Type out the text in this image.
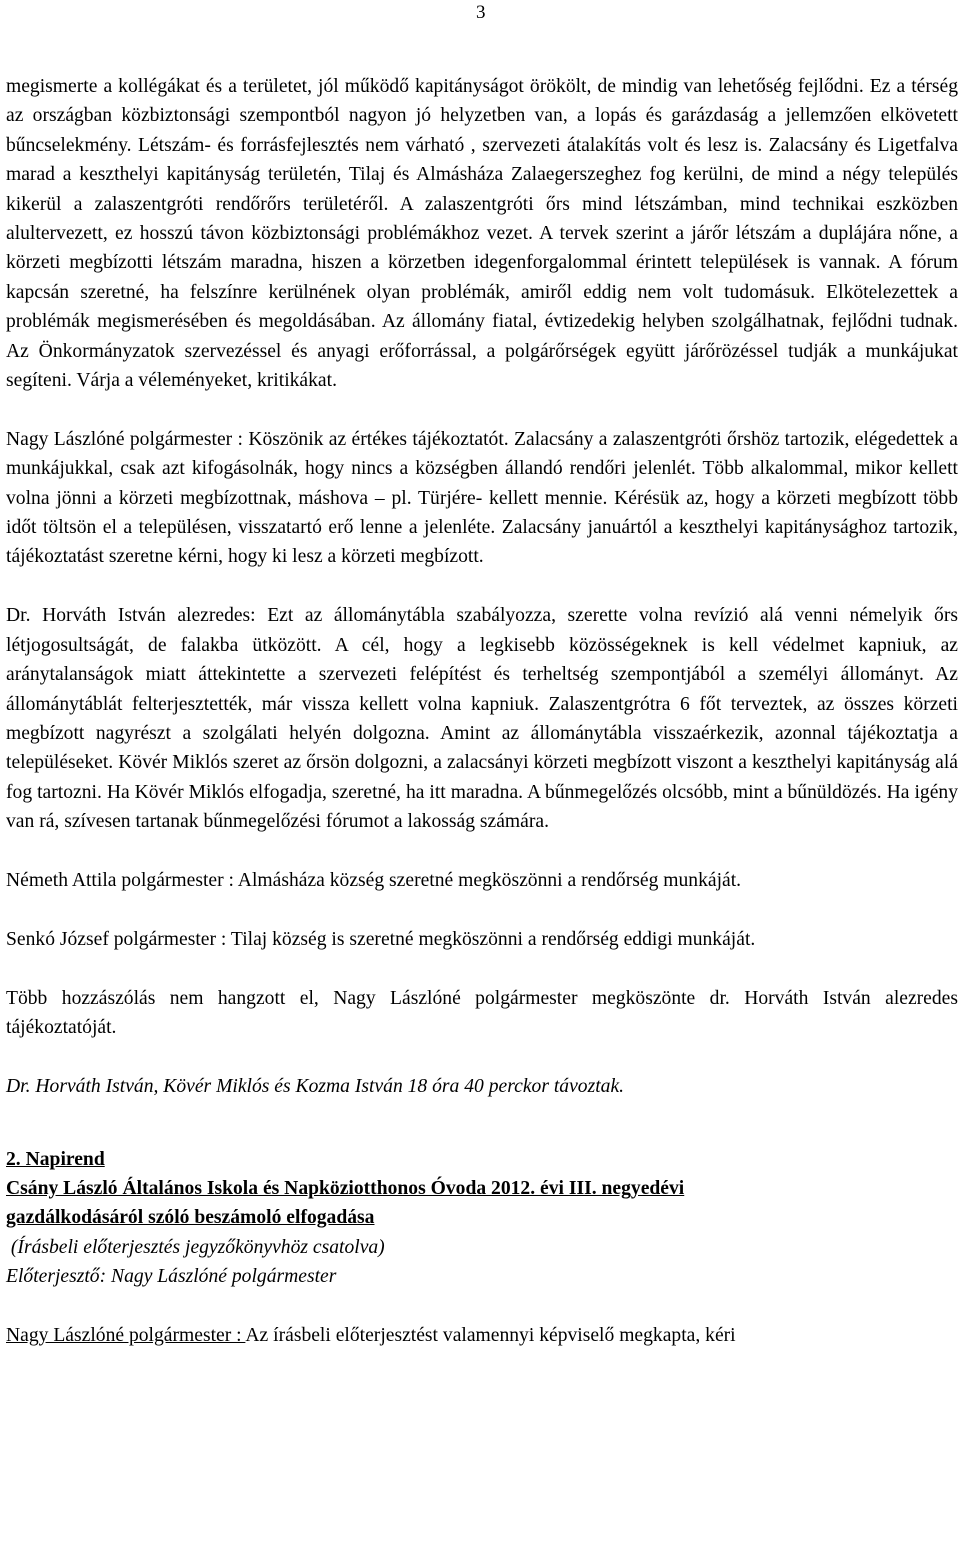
3

megismerte a kollégákat és a területet, jól működő kapitányságot örökölt, de mindig van lehetőség fejlődni. Ez a térség az országban közbiztonsági szempontból nagyon jó helyzetben van, a lopás és garázdaság a jellemzően elkövetett bűncselekmény. Létszám- és forrásfejlesztés nem várható , szervezeti átalakítás volt és lesz is. Zalacsány és Ligetfalva marad a keszthelyi kapitányság területén, Tilaj és Almásháza Zalaegerszeghez fog kerülni, de mind a négy település kikerül a zalaszentgróti rendőrőrs területéről. A zalaszentgróti őrs mind létszámban, mind technikai eszközben alultervezett, ez hosszú távon közbiztonsági problémákhoz vezet. A tervek szerint a járőr létszám a duplájára nőne, a körzeti megbízotti létszám maradna, hiszen a körzetben idegenforgalommal érintett települések is vannak. A fórum kapcsán szeretné, ha felszínre kerülnének olyan problémák, amiről eddig nem volt tudomásuk. Elkötelezettek a problémák megismerésében és megoldásában. Az állomány fiatal, évtizedekig helyben szolgálhatnak, fejlődni tudnak. Az Önkormányzatok szervezéssel és anyagi erőforrással, a polgárőrségek együtt járőrözéssel tudják a munkájukat segíteni. Várja a véleményeket, kritikákat.

Nagy Lászlóné polgármester : Köszönik az értékes tájékoztatót. Zalacsány a zalaszentgróti őrshöz tartozik, elégedettek a munkájukkal, csak azt kifogásolnák, hogy nincs a községben állandó rendőri jelenlét. Több alkalommal, mikor kellett volna jönni a körzeti megbízottnak, máshova – pl. Türjére- kellett mennie. Kérésük az, hogy a körzeti megbízott több időt töltsön el a településen, visszatartó erő lenne a jelenléte. Zalacsány januártól a keszthelyi kapitánysághoz tartozik, tájékoztatást szeretne kérni, hogy ki lesz a körzeti megbízott.

Dr. Horváth István alezredes: Ezt az állománytábla szabályozza, szerette volna revízió alá venni némelyik őrs létjogosultságát, de falakba ütközött. A cél, hogy a legkisebb közösségeknek is kell védelmet kapniuk, az aránytalanságok miatt áttekintette a szervezeti felépítést és terheltség szempontjából a személyi állományt. Az állománytáblát felterjesztették, már vissza kellett volna kapniuk. Zalaszentgrótra 6 főt terveztek, az összes körzeti megbízott nagyrészt a szolgálati helyén dolgozna. Amint az állománytábla visszaérkezik, azonnal tájékoztatja a településeket. Kövér Miklós szeret az őrsön dolgozni, a zalacsányi körzeti megbízott viszont a keszthelyi kapitányság alá fog tartozni. Ha Kövér Miklós elfogadja, szeretné, ha itt maradna. A bűnmegelőzés olcsóbb, mint a bűnüldözés. Ha igény van rá, szívesen tartanak bűnmegelőzési fórumot a lakosság számára.

Németh Attila polgármester : Almásháza község szeretné megköszönni a rendőrség munkáját.

Senkó József polgármester : Tilaj község is szeretné megköszönni a rendőrség eddigi munkáját.

Több hozzászólás nem hangzott el, Nagy Lászlóné polgármester megköszönte dr. Horváth István alezredes tájékoztatóját.

Dr. Horváth István, Kövér Miklós és Kozma István 18 óra 40 perckor távoztak.

2. Napirend
Csány László Általános Iskola és Napköziotthonos Óvoda 2012. évi III. negyedévi
gazdálkodásáról szóló beszámoló elfogadása
(Írásbeli előterjesztés jegyzőkönyvhöz csatolva)
Előterjesztő: Nagy Lászlóné polgármester
Nagy Lászlóné polgármester : Az írásbeli előterjesztést valamennyi képviselő megkapta, kéri
